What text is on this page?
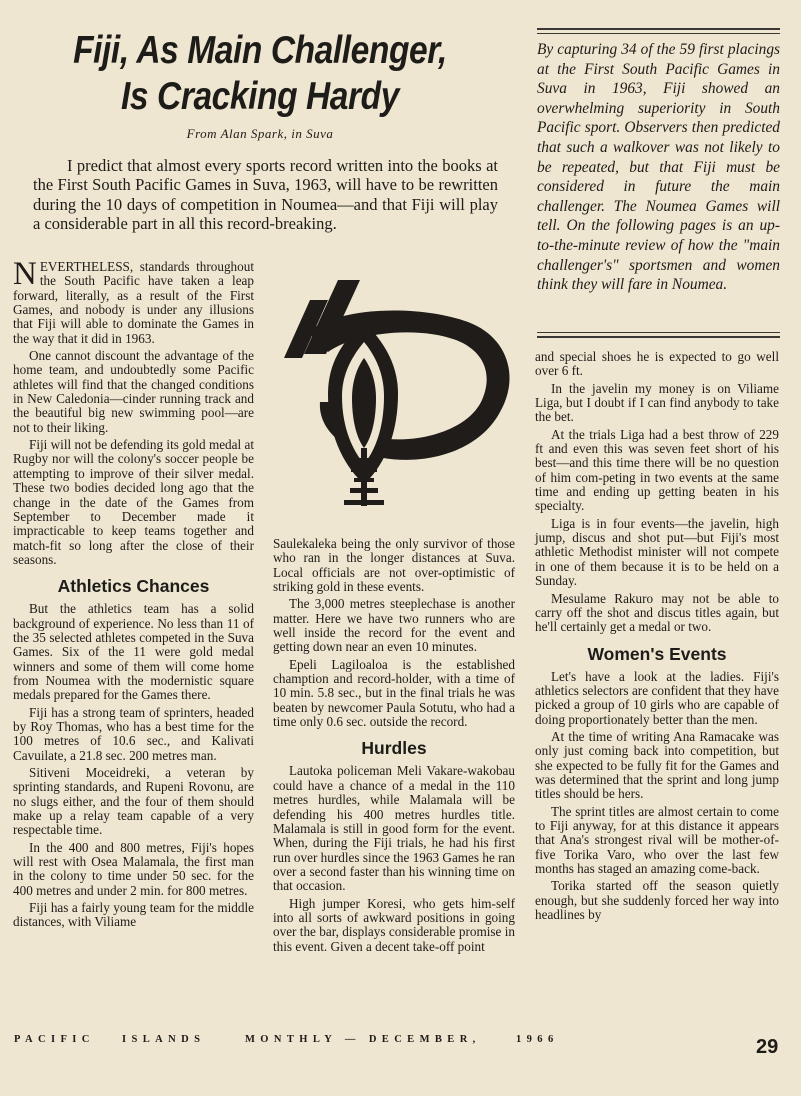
Fiji, As Main Challenger,
Is Cracking Hardy
From Alan Spark, in Suva

I predict that almost every sports record written into the books at the First South Pacific Games in Suva, 1963, will have to be rewritten during the 10 days of competition in Noumea—and that Fiji will play a considerable part in all this record-breaking.

By capturing 34 of the 59 first placings at the First South Pacific Games in Suva in 1963, Fiji showed an overwhelming superiority in South Pacific sport. Observers then predicted that such a walkover was not likely to be repeated, but that Fiji must be considered in future the main challenger. The Noumea Games will tell. On the following pages is an up-to-the-minute review of how the "main challenger's" sportsmen and women think they will fare in Noumea.

NEVERTHELESS, standards throughout the South Pacific have taken a leap forward, literally, as a result of the First Games, and nobody is under any illusions that Fiji will able to dominate the Games in the way that it did in 1963.

One cannot discount the advantage of the home team, and undoubtedly some Pacific athletes will find that the changed conditions in New Caledonia—cinder running track and the beautiful big new swimming pool—are not to their liking.

Fiji will not be defending its gold medal at Rugby nor will the colony's soccer people be attempting to improve of their silver medal. These two bodies decided long ago that the change in the date of the Games from September to December made it impracticable to keep teams together and match-fit so long after the close of their seasons.

Athletics Chances

But the athletics team has a solid background of experience. No less than 11 of the 35 selected athletes competed in the Suva Games. Six of the 11 were gold medal winners and some of them will come home from Noumea with the modernistic square medals prepared for the Games there.

Fiji has a strong team of sprinters, headed by Roy Thomas, who has a best time for the 100 metres of 10.6 sec., and Kalivati Cavuilate, a 21.8 sec. 200 metres man.

Sitiveni Moceidreki, a veteran by sprinting standards, and Rupeni Rovonu, are no slugs either, and the four of them should make up a relay team capable of a very respectable time.

In the 400 and 800 metres, Fiji's hopes will rest with Osea Malamala, the first man in the colony to time under 50 sec. for the 400 metres and under 2 min. for 800 metres.

Fiji has a fairly young team for the middle distances, with Viliame

Saulekaleka being the only survivor of those who ran in the longer distances at Suva. Local officials are not over-optimistic of striking gold in these events.

The 3,000 metres steeplechase is another matter. Here we have two runners who are well inside the record for the event and getting down near an even 10 minutes.

Epeli Lagiloaloa is the established chamption and record-holder, with a time of 10 min. 5.8 sec., but in the final trials he was beaten by newcomer Paula Sotutu, who had a time only 0.6 sec. outside the record.

Hurdles

Lautoka policeman Meli Vakare-wakobau could have a chance of a medal in the 110 metres hurdles, while Malamala will be defending his 400 metres hurdles title. Malamala is still in good form for the event. When, during the Fiji trials, he had his first run over hurdles since the 1963 Games he ran over a second faster than his winning time on that occasion.

High jumper Koresi, who gets him-self into all sorts of awkward positions in going over the bar, displays considerable promise in this event. Given a decent take-off point

and special shoes he is expected to go well over 6 ft.

In the javelin my money is on Viliame Liga, but I doubt if I can find anybody to take the bet.

At the trials Liga had a best throw of 229 ft and even this was seven feet short of his best—and this time there will be no question of him com-peting in two events at the same time and ending up getting beaten in his specialty.

Liga is in four events—the javelin, high jump, discus and shot put—but Fiji's most athletic Methodist minister will not compete in one of them because it is to be held on a Sunday.

Mesulame Rakuro may not be able to carry off the shot and discus titles again, but he'll certainly get a medal or two.

Women's Events

Let's have a look at the ladies. Fiji's athletics selectors are confident that they have picked a group of 10 girls who are capable of doing proportionately better than the men.

At the time of writing Ana Ramacake was only just coming back into competition, but she expected to be fully fit for the Games and was determined that the sprint and long jump titles should be hers.

The sprint titles are almost certain to come to Fiji anyway, for at this distance it appears that Ana's strongest rival will be mother-of-five Torika Varo, who over the last few months has staged an amazing come-back.

Torika started off the season quietly enough, but she suddenly forced her way into headlines by

PACIFIC	ISLANDS	MONTHLY — DECEMBER,	1966	29
